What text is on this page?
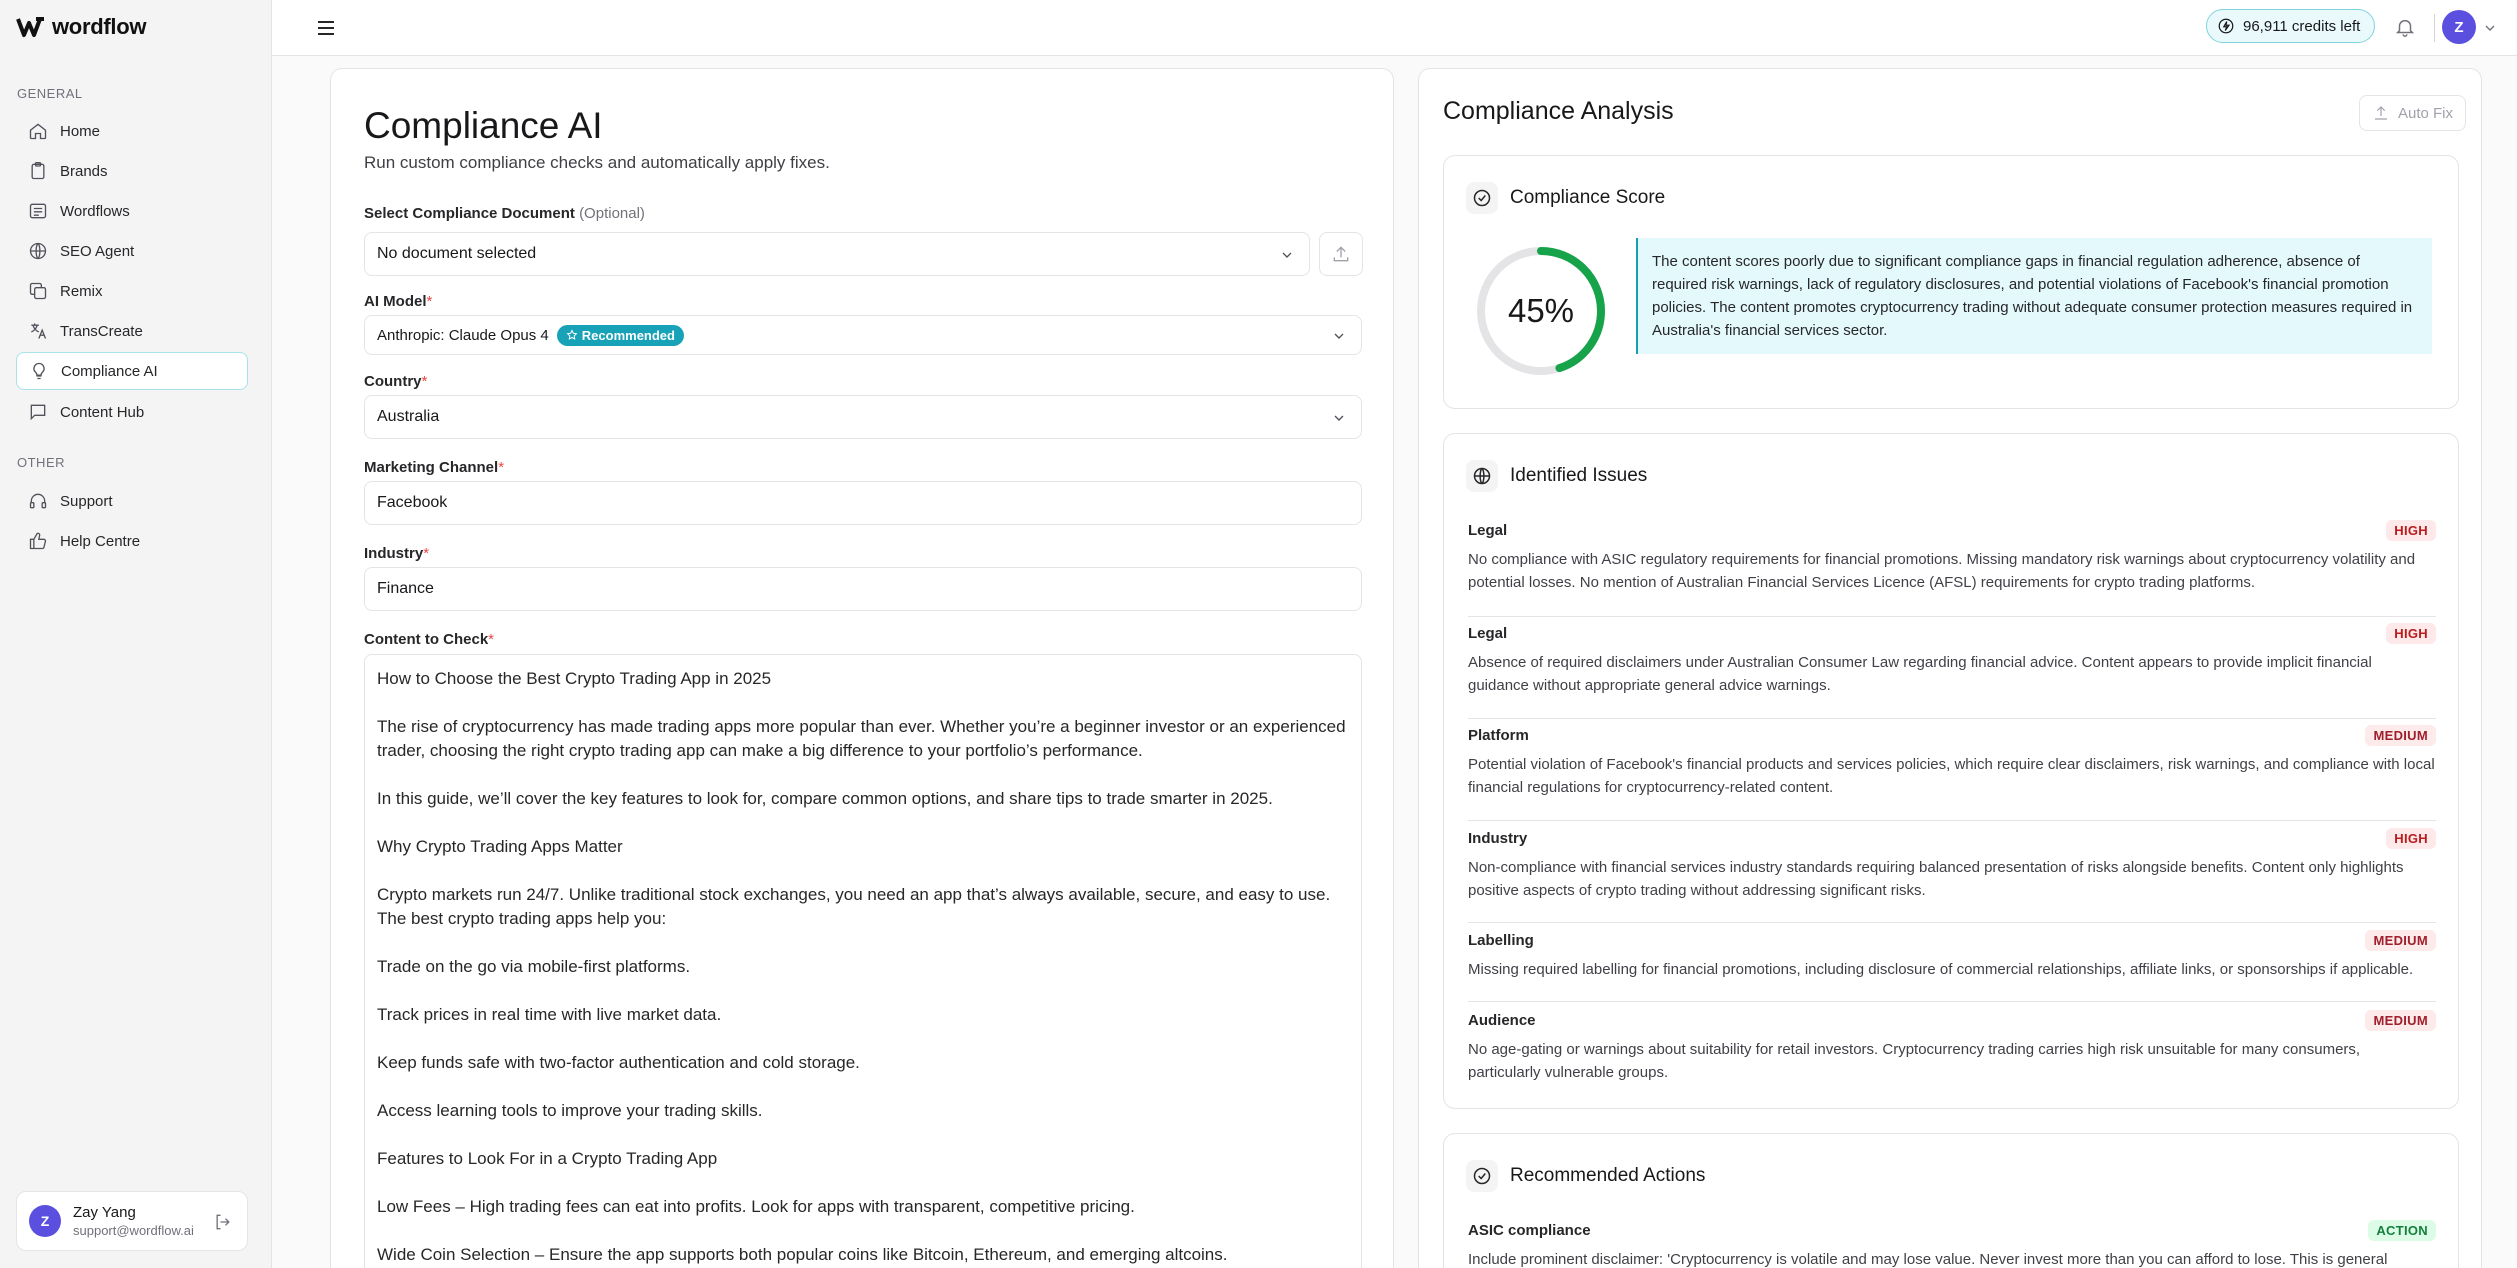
wordflow
GENERAL
Home
Brands
Wordflows
SEO Agent
Remix
TransCreate
Compliance AI
Content Hub
OTHER
Support
Help Centre
Z	Zay Yang
support@wordflow.ai
96,911 credits left	Z
Compliance AI
Run custom compliance checks and automatically apply fixes.
Select Compliance Document (Optional)
No document selected
AI Model*
Anthropic: Claude Opus 4	Recommended
Country*
Australia
Marketing Channel*
Facebook
Industry*
Finance
Content to Check*

How to Choose the Best Crypto Trading App in 2025

The rise of cryptocurrency has made trading apps more popular than ever. Whether you’re a beginner investor or an experienced trader, choosing the right crypto trading app can make a big difference to your portfolio’s performance.

In this guide, we’ll cover the key features to look for, compare common options, and share tips to trade smarter in 2025.

Why Crypto Trading Apps Matter

Crypto markets run 24/7. Unlike traditional stock exchanges, you need an app that’s always available, secure, and easy to use. The best crypto trading apps help you:

Trade on the go via mobile-first platforms.

Track prices in real time with live market data.

Keep funds safe with two-factor authentication and cold storage.

Access learning tools to improve your trading skills.

Features to Look For in a Crypto Trading App

Low Fees – High trading fees can eat into profits. Look for apps with transparent, competitive pricing.

Wide Coin Selection – Ensure the app supports both popular coins like Bitcoin, Ethereum, and emerging altcoins.

Compliance Analysis	Auto Fix
Compliance Score
45%
The content scores poorly due to significant compliance gaps in financial regulation adherence, absence of required risk warnings, lack of regulatory disclosures, and potential violations of Facebook's financial promotion policies. The content promotes cryptocurrency trading without adequate consumer protection measures required in Australia's financial services sector.
Identified Issues
Legal	HIGH
No compliance with ASIC regulatory requirements for financial promotions. Missing mandatory risk warnings about cryptocurrency volatility and potential losses. No mention of Australian Financial Services Licence (AFSL) requirements for crypto trading platforms.
Legal	HIGH
Absence of required disclaimers under Australian Consumer Law regarding financial advice. Content appears to provide implicit financial guidance without appropriate general advice warnings.
Platform	MEDIUM
Potential violation of Facebook's financial products and services policies, which require clear disclaimers, risk warnings, and compliance with local financial regulations for cryptocurrency-related content.
Industry	HIGH
Non-compliance with financial services industry standards requiring balanced presentation of risks alongside benefits. Content only highlights positive aspects of crypto trading without addressing significant risks.
Labelling	MEDIUM
Missing required labelling for financial promotions, including disclosure of commercial relationships, affiliate links, or sponsorships if applicable.
Audience	MEDIUM
No age-gating or warnings about suitability for retail investors. Cryptocurrency trading carries high risk unsuitable for many consumers, particularly vulnerable groups.
Recommended Actions
ASIC compliance	ACTION
Include prominent disclaimer: 'Cryptocurrency is volatile and may lose value. Never invest more than you can afford to lose. This is general
